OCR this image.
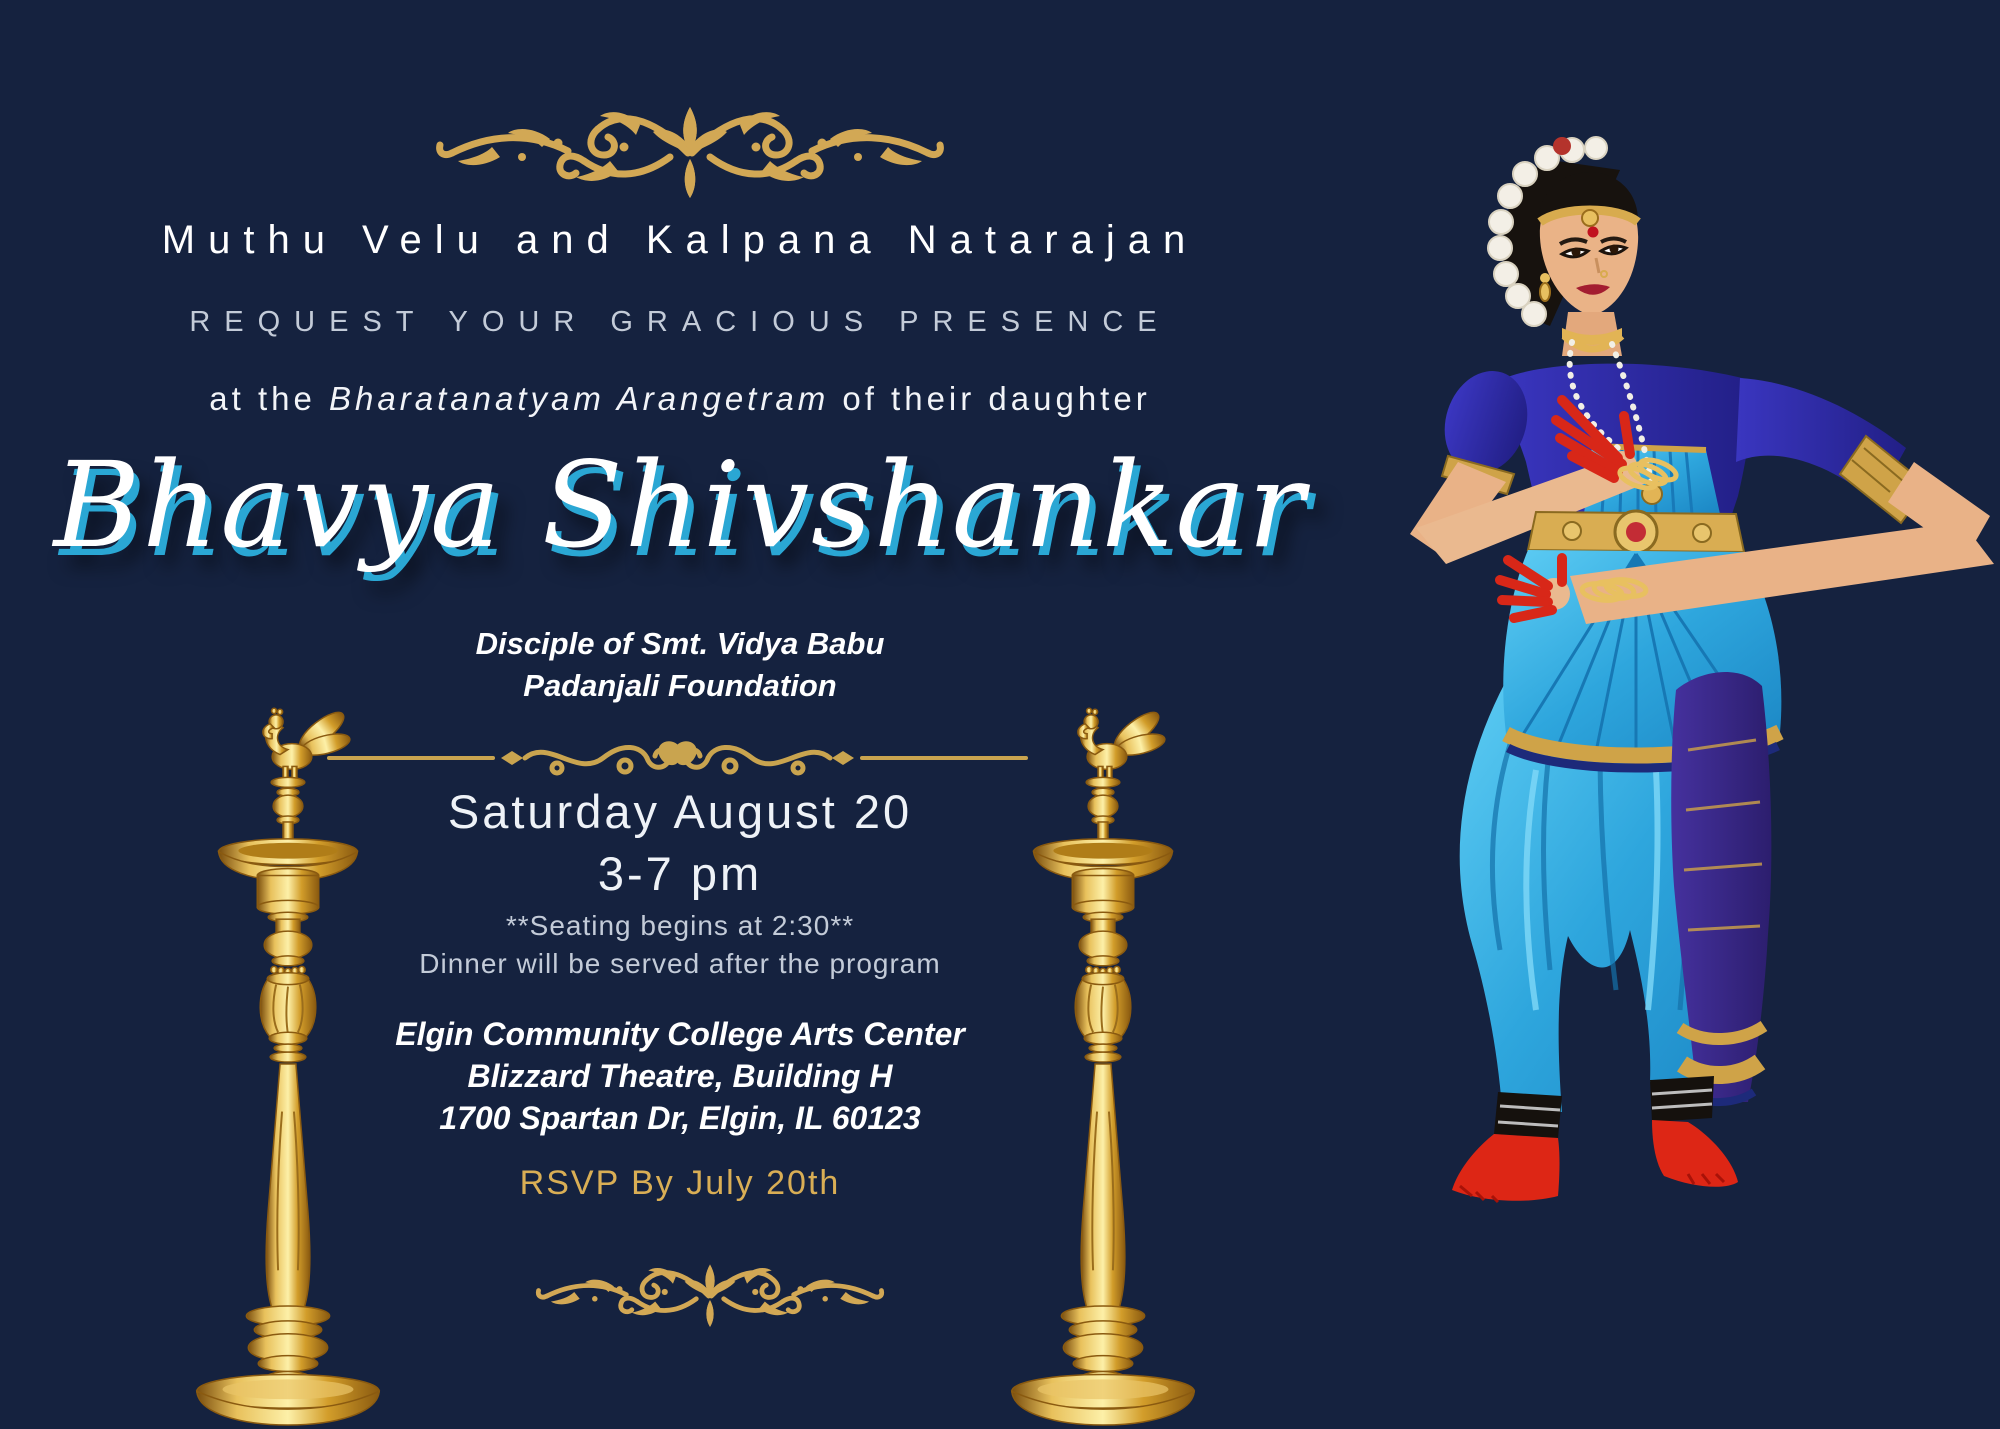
Muthu Velu and Kalpana Natarajan
REQUEST YOUR GRACIOUS PRESENCE
at the Bharatanatyam Arangetram of their daughter
Bhavya Shivshankar
Disciple of Smt. Vidya Babu
Padanjali Foundation
Saturday August 20
3-7 pm
**Seating begins at 2:30**
Dinner will be served after the program
Elgin Community College Arts Center
Blizzard Theatre, Building H
1700 Spartan Dr, Elgin, IL 60123
RSVP By July 20th
